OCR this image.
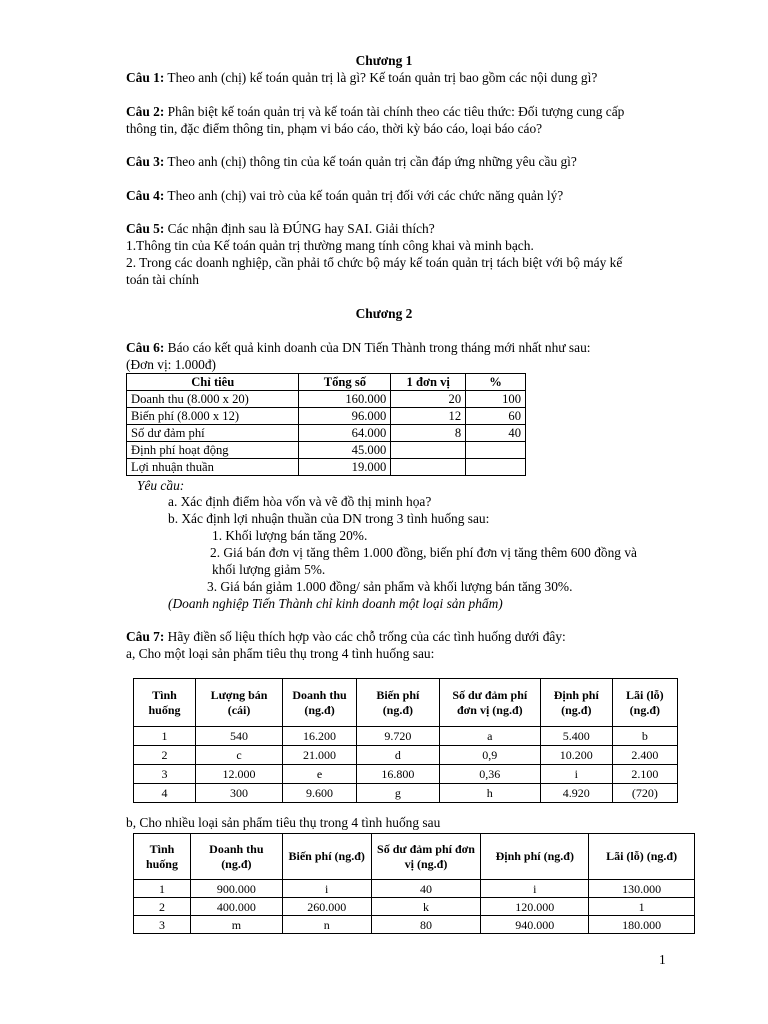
Chương 1
Câu 1: Theo anh (chị) kế toán quản trị là gì? Kế toán quản trị bao gồm các nội dung gì?
Câu 2: Phân biệt kế toán quản trị và kế toán tài chính theo các tiêu thức: Đối tượng cung cấp
thông tin, đặc điểm thông tin, phạm vi báo cáo, thời kỳ báo cáo, loại báo cáo?
Câu 3: Theo anh (chị) thông tin của kế toán quản trị cần đáp ứng những yêu cầu gì?
Câu 4: Theo anh (chị) vai trò của kế toán quản trị đối với các chức năng quản lý?
Câu 5: Các nhận định sau là ĐÚNG hay SAI. Giải thích?
1.Thông tin của Kế toán quản trị thường mang tính công khai và minh bạch.
2. Trong các doanh nghiệp, cần phải tổ chức bộ máy kế toán quản trị tách biệt với bộ máy kế
toán tài chính
Chương 2
Câu 6: Báo cáo kết quả kinh doanh của DN Tiến Thành trong tháng mới nhất như sau:
(Đơn vị: 1.000đ)
Chỉ tiêu	Tổng số	1 đơn vị	%
Doanh thu (8.000 x 20)	160.000	20	100
Biến phí (8.000 x 12)	96.000	12	60
Số dư đảm phí	64.000	8	40
Định phí hoạt động	45.000		
Lợi nhuận thuần	19.000		
Yêu cầu:
a. Xác định điểm hòa vốn và vẽ đồ thị minh họa?
b. Xác định lợi nhuận thuần của DN trong 3 tình huống sau:
1. Khối lượng bán tăng 20%.
2. Giá bán đơn vị tăng thêm 1.000 đồng, biến phí đơn vị tăng thêm 600 đồng và
khối lượng giảm 5%.
3. Giá bán giảm 1.000 đồng/ sản phẩm và khối lượng bán tăng 30%.
(Doanh nghiệp Tiến Thành chỉ kinh doanh một loại sản phẩm)
Câu 7: Hãy điền số liệu thích hợp vào các chỗ trống của các tình huống dưới đây:
a, Cho một loại sản phẩm tiêu thụ trong 4 tình huống sau:
Tình huống	Lượng bán (cái)	Doanh thu (ng.đ)	Biến phí (ng.đ)	Số dư đảm phí đơn vị (ng.đ)	Định phí (ng.đ)	Lãi (lỗ) (ng.đ)
1	540	16.200	9.720	a	5.400	b
2	c	21.000	d	0,9	10.200	2.400
3	12.000	e	16.800	0,36	i	2.100
4	300	9.600	g	h	4.920	(720)
b, Cho nhiều loại sản phẩm tiêu thụ trong 4 tình huống sau
Tình huống	Doanh thu (ng.đ)	Biến phí (ng.đ)	Số dư đảm phí đơn vị (ng.đ)	Định phí (ng.đ)	Lãi (lỗ) (ng.đ)
1	900.000	i	40	i	130.000
2	400.000	260.000	k	120.000	1
3	m	n	80	940.000	180.000
1
